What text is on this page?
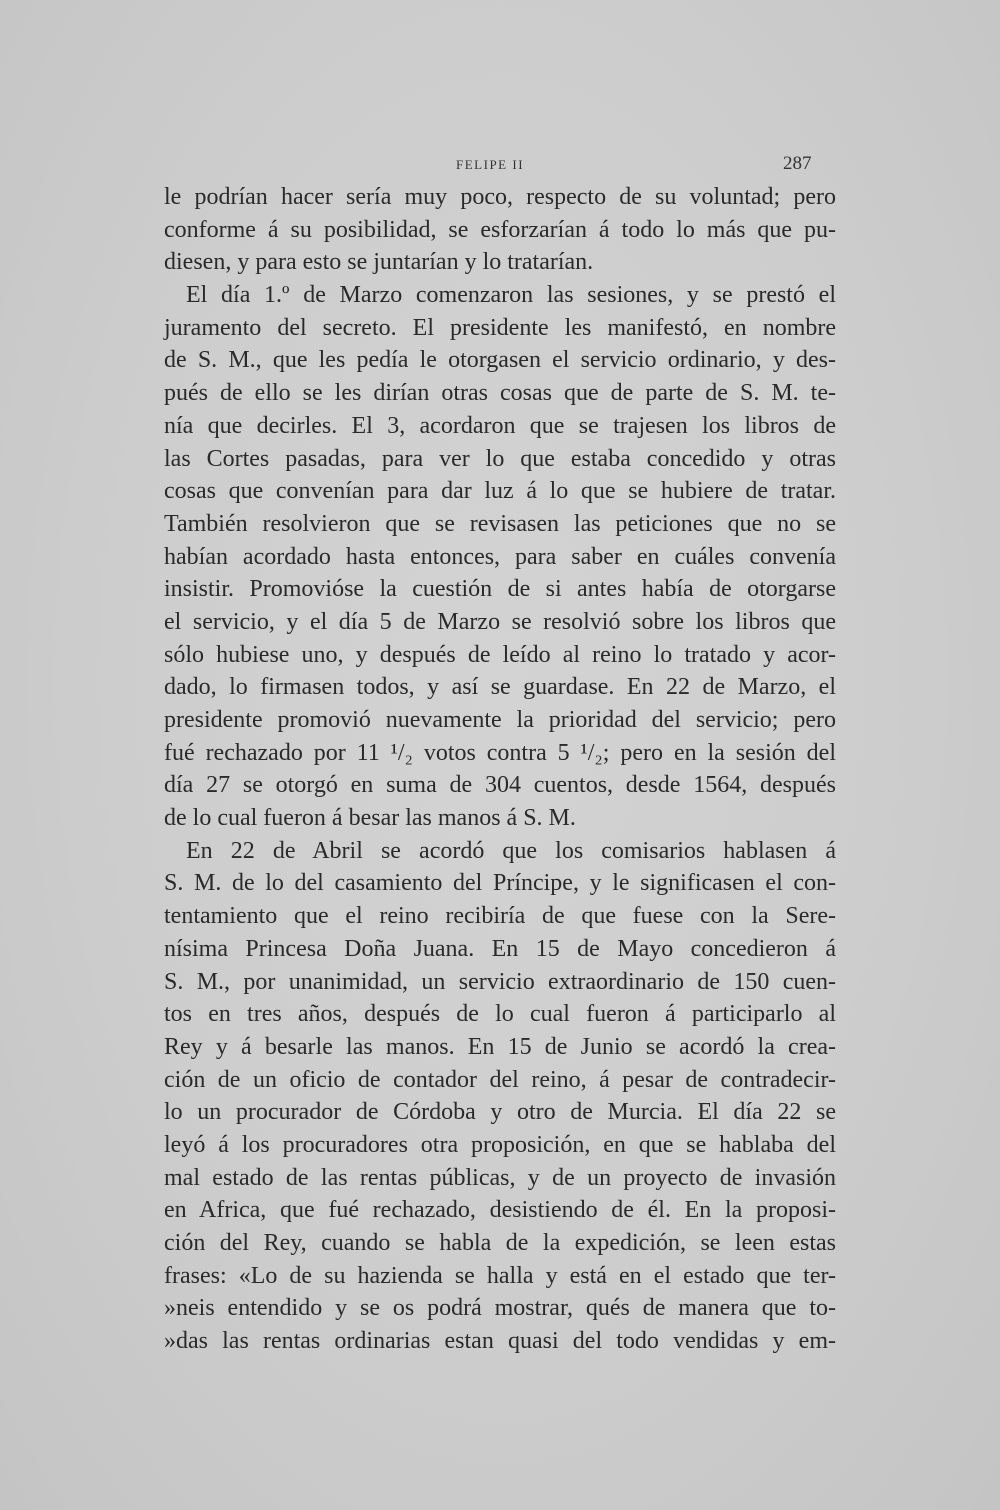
FELIPE II	287
le podrían hacer sería muy poco, respecto de su voluntad; pero
conforme á su posibilidad, se esforzarían á todo lo más que pu-
diesen, y para esto se juntarían y lo tratarían.
El día 1.º de Marzo comenzaron las sesiones, y se prestó el
juramento del secreto. El presidente les manifestó, en nombre
de S. M., que les pedía le otorgasen el servicio ordinario, y des-
pués de ello se les dirían otras cosas que de parte de S. M. te-
nía que decirles. El 3, acordaron que se trajesen los libros de
las Cortes pasadas, para ver lo que estaba concedido y otras
cosas que convenían para dar luz á lo que se hubiere de tratar.
También resolvieron que se revisasen las peticiones que no se
habían acordado hasta entonces, para saber en cuáles convenía
insistir. Promovióse la cuestión de si antes había de otorgarse
el servicio, y el día 5 de Marzo se resolvió sobre los libros que
sólo hubiese uno, y después de leído al reino lo tratado y acor-
dado, lo firmasen todos, y así se guardase. En 22 de Marzo, el
presidente promovió nuevamente la prioridad del servicio; pero
fué rechazado por 11 ¹/₂ votos contra 5 ¹/₂; pero en la sesión del
día 27 se otorgó en suma de 304 cuentos, desde 1564, después
de lo cual fueron á besar las manos á S. M.
En 22 de Abril se acordó que los comisarios hablasen á
S. M. de lo del casamiento del Príncipe, y le significasen el con-
tentamiento que el reino recibiría de que fuese con la Sere-
nísima Princesa Doña Juana. En 15 de Mayo concedieron á
S. M., por unanimidad, un servicio extraordinario de 150 cuen-
tos en tres años, después de lo cual fueron á participarlo al
Rey y á besarle las manos. En 15 de Junio se acordó la crea-
ción de un oficio de contador del reino, á pesar de contradecir-
lo un procurador de Córdoba y otro de Murcia. El día 22 se
leyó á los procuradores otra proposición, en que se hablaba del
mal estado de las rentas públicas, y de un proyecto de invasión
en Africa, que fué rechazado, desistiendo de él. En la proposi-
ción del Rey, cuando se habla de la expedición, se leen estas
frases: «Lo de su hazienda se halla y está en el estado que ter-
»neis entendido y se os podrá mostrar, qués de manera que to-
»das las rentas ordinarias estan quasi del todo vendidas y em-
